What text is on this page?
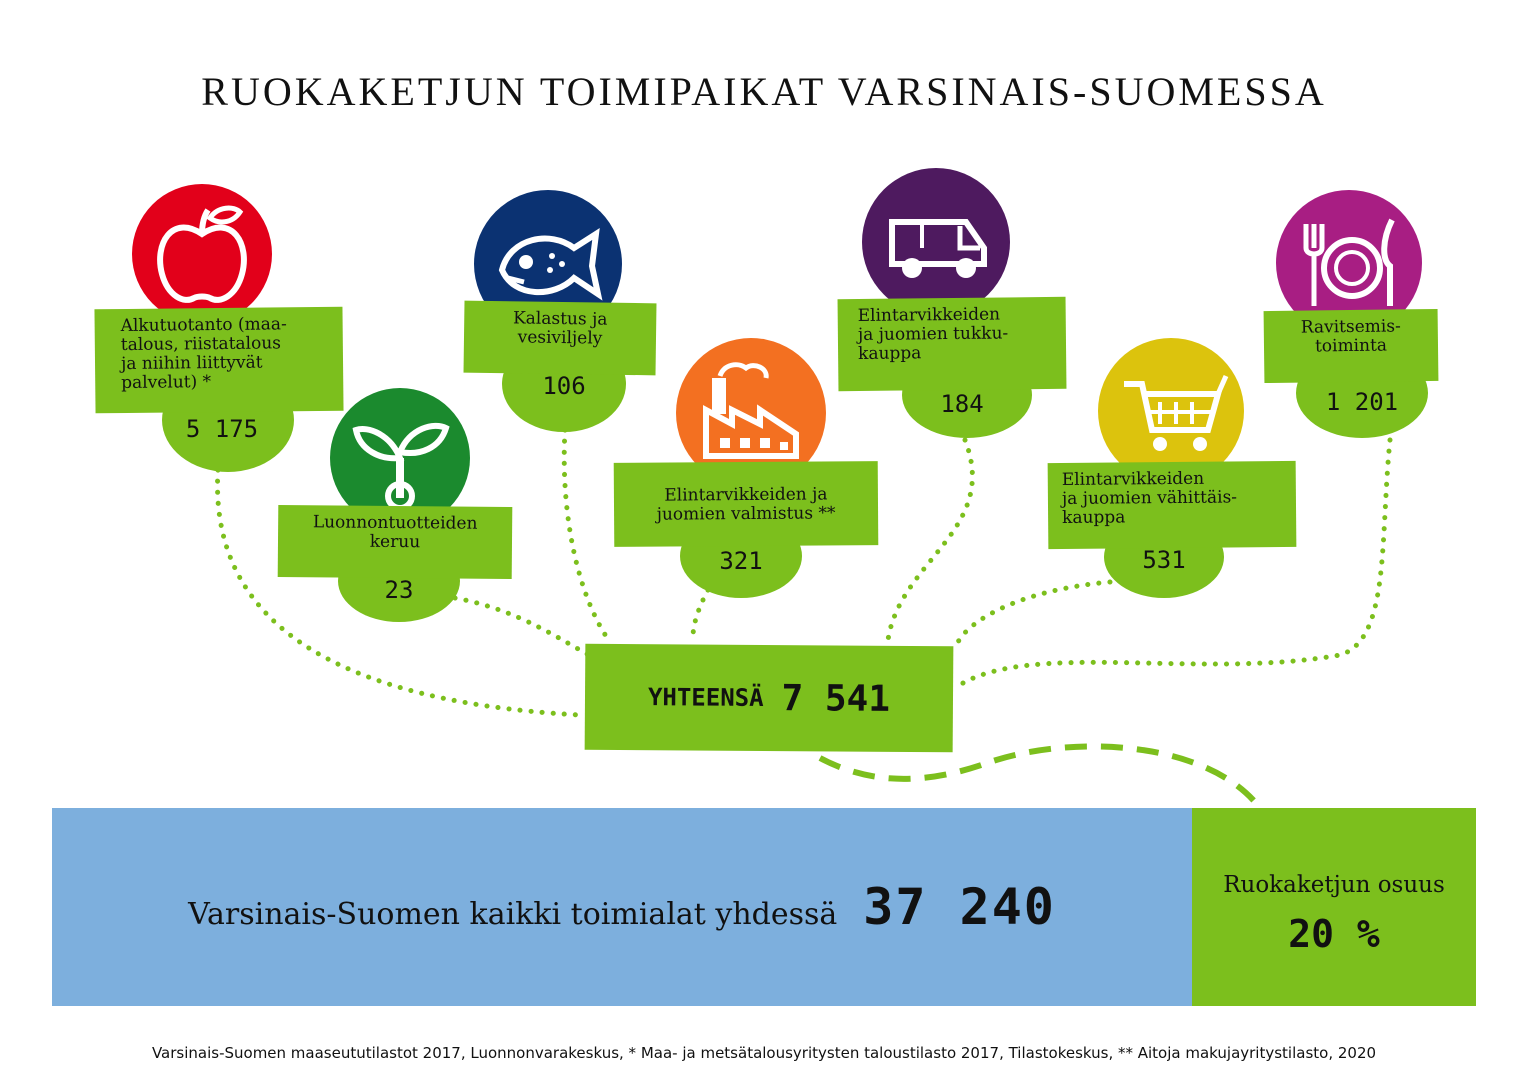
RUOKAKETJUN TOIMIPAIKAT VARSINAIS-SUOMESSA
Alkutuotanto (maa-
talous, riistatalous
ja niihin liittyvät
palvelut) *
5 175
Luonnontuotteiden
keruu
23
Kalastus ja
vesiviljely
106
Elintarvikkeiden ja
juomien valmistus **
321
Elintarvikkeiden
ja juomien tukku-
kauppa
184
Elintarvikkeiden
ja juomien vähittäis-
kauppa
531
Ravitsemis-
toiminta
1 201
YHTEENSÄ 7 541
Varsinais-Suomen kaikki toimialat yhdessä 37 240	Ruokaketjun osuus
20 %
Varsinais-Suomen maaseututilastot 2017, Luonnonvarakeskus, * Maa- ja metsätalousyritysten taloustilasto 2017, Tilastokeskus, ** Aitoja makujayritystilasto, 2020
